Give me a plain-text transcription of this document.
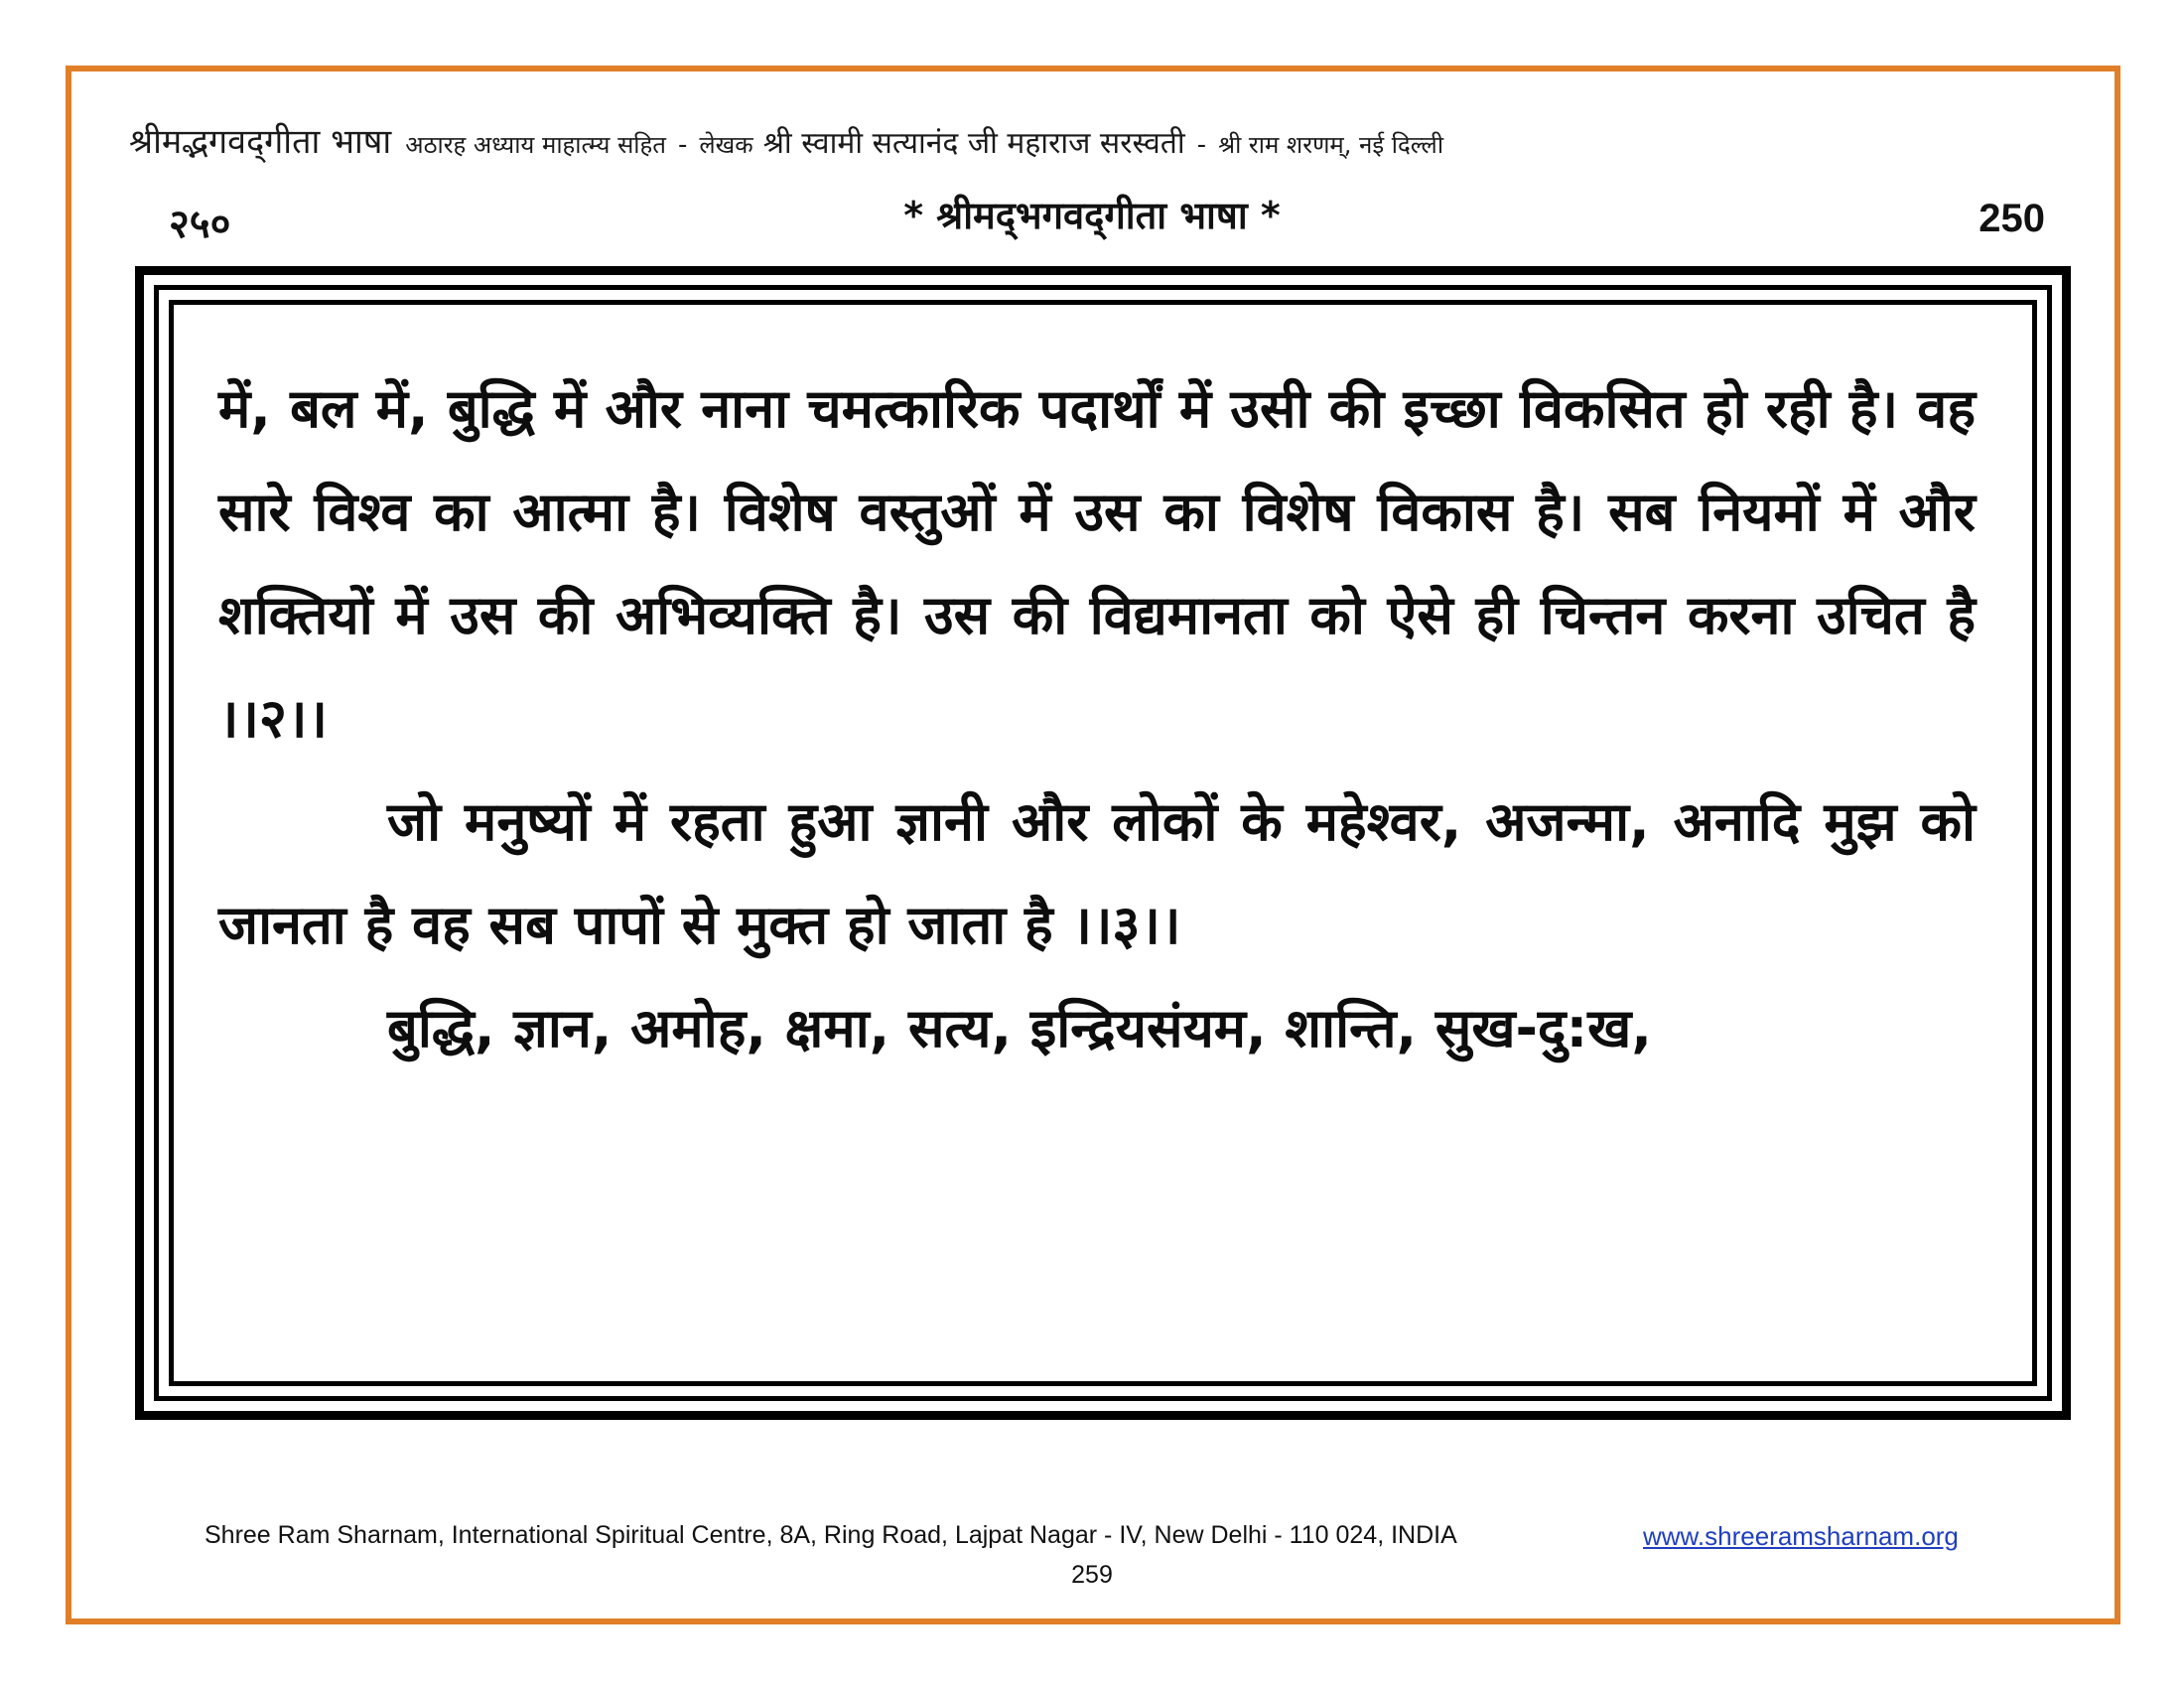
श्रीमद्भगवद्‌गीता भाषा अठारह अध्याय माहात्म्य सहित - लेखक श्री स्वामी सत्यानंद जी महाराज सरस्वती - श्री राम शरणम्, नई दिल्ली
२५०	* श्रीमद्‌भगवद्‌गीता भाषा *	250

में, बल में, बुद्धि में और नाना चमत्कारिक पदार्थों में उसी की इच्छा विकसित हो रही है। वह सारे विश्व का आत्मा है। विशेष वस्तुओं में उस का विशेष विकास है। सब नियमों में और शक्तियों में उस की अभिव्यक्ति है। उस की विद्यमानता को ऐसे ही चिन्तन करना उचित है ।।२।।

जो मनुष्यों में रहता हुआ ज्ञानी और लोकों के महेश्वर, अजन्मा, अनादि मुझ को जानता है वह सब पापों से मुक्त हो जाता है ।।३।।

बुद्धि, ज्ञान, अमोह, क्षमा, सत्य, इन्द्रियसंयम, शान्ति, सुख-दु:ख,

Shree Ram Sharnam, International Spiritual Centre, 8A, Ring Road, Lajpat Nagar - IV, New Delhi - 110 024, INDIA	www.shreeramsharnam.org
259
